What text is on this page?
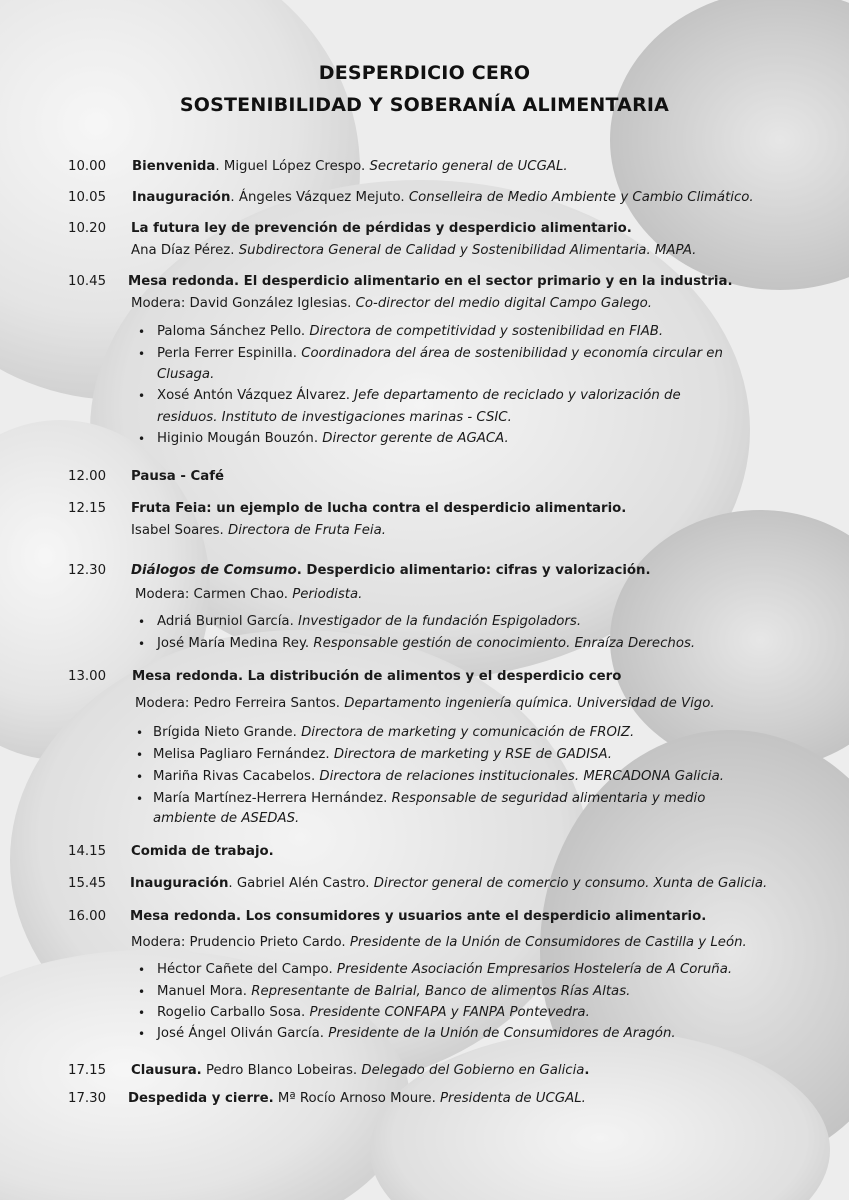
DESPERDICIO CERO
SOSTENIBILIDAD Y SOBERANÍA ALIMENTARIA
10.00 Bienvenida. Miguel López Crespo. Secretario general de UCGAL.
10.05 Inauguración. Ángeles Vázquez Mejuto. Conselleira de Medio Ambiente y Cambio Climático.
10.20 La futura ley de prevención de pérdidas y desperdicio alimentario.
Ana Díaz Pérez. Subdirectora General de Calidad y Sostenibilidad Alimentaria. MAPA.
10.45 Mesa redonda. El desperdicio alimentario en el sector primario y en la industria.
Modera: David González Iglesias. Co-director del medio digital Campo Galego.
• Paloma Sánchez Pello. Directora de competitividad y sostenibilidad en FIAB.
• Perla Ferrer Espinilla. Coordinadora del área de sostenibilidad y economía circular en
Clusaga.
• Xosé Antón Vázquez Álvarez. Jefe departamento de reciclado y valorización de
residuos. Instituto de investigaciones marinas - CSIC.
• Higinio Mougán Bouzón. Director gerente de AGACA.
12.00 Pausa - Café
12.15 Fruta Feia: un ejemplo de lucha contra el desperdicio alimentario.
Isabel Soares. Directora de Fruta Feia.
12.30 Diálogos de Comsumo. Desperdicio alimentario: cifras y valorización.
Modera: Carmen Chao. Periodista.
• Adriá Burniol García. Investigador de la fundación Espigoladors.
• José María Medina Rey. Responsable gestión de conocimiento. Enraíza Derechos.
13.00 Mesa redonda. La distribución de alimentos y el desperdicio cero
Modera: Pedro Ferreira Santos. Departamento ingeniería química. Universidad de Vigo.
• Brígida Nieto Grande. Directora de marketing y comunicación de FROIZ.
• Melisa Pagliaro Fernández. Directora de marketing y RSE de GADISA.
• Mariña Rivas Cacabelos. Directora de relaciones institucionales. MERCADONA Galicia.
• María Martínez-Herrera Hernández. Responsable de seguridad alimentaria y medio
ambiente de ASEDAS.
14.15 Comida de trabajo.
15.45 Inauguración. Gabriel Alén Castro. Director general de comercio y consumo. Xunta de Galicia.
16.00 Mesa redonda. Los consumidores y usuarios ante el desperdicio alimentario.
Modera: Prudencio Prieto Cardo. Presidente de la Unión de Consumidores de Castilla y León.
• Héctor Cañete del Campo. Presidente Asociación Empresarios Hostelería de A Coruña.
• Manuel Mora. Representante de Balrial, Banco de alimentos Rías Altas.
• Rogelio Carballo Sosa. Presidente CONFAPA y FANPA Pontevedra.
• José Ángel Oliván García. Presidente de la Unión de Consumidores de Aragón.
17.15 Clausura. Pedro Blanco Lobeiras. Delegado del Gobierno en Galicia.
17.30 Despedida y cierre. Mª Rocío Arnoso Moure. Presidenta de UCGAL.
